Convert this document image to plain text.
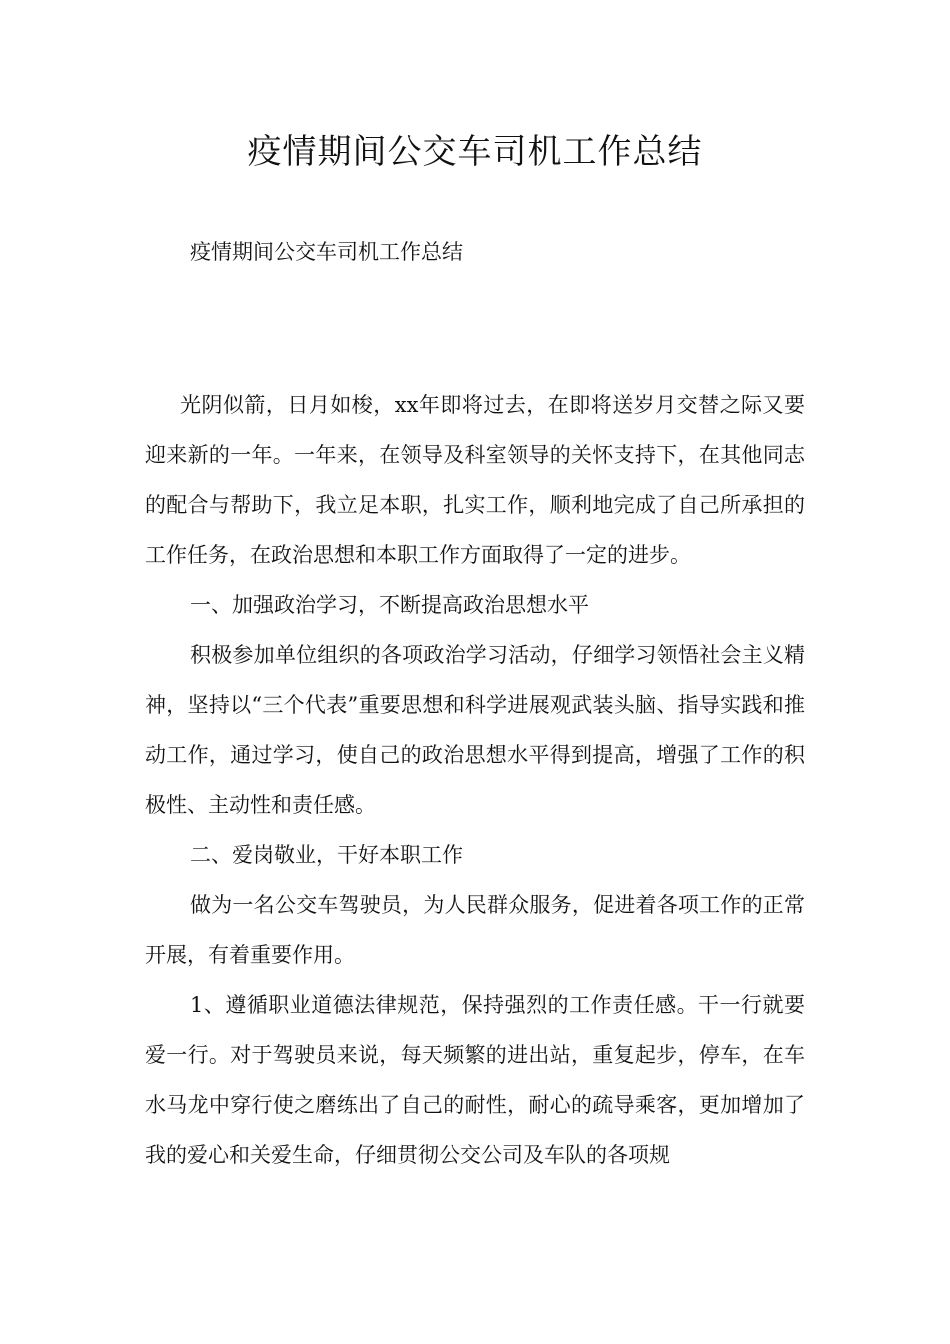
疫情期间公交车司机工作总结

疫情期间公交车司机工作总结

光阴似箭，日月如梭，xx年即将过去，在即将送岁月交替之际又要迎来新的一年。一年来，在领导及科室领导的关怀支持下，在其他同志的配合与帮助下，我立足本职，扎实工作，顺利地完成了自己所承担的工作任务，在政治思想和本职工作方面取得了一定的进步。

一、加强政治学习，不断提高政治思想水平

积极参加单位组织的各项政治学习活动，仔细学习领悟社会主义精神，坚持以“三个代表”重要思想和科学进展观武装头脑、指导实践和推动工作，通过学习，使自己的政治思想水平得到提高，增强了工作的积极性、主动性和责任感。

二、爱岗敬业，干好本职工作

做为一名公交车驾驶员，为人民群众服务，促进着各项工作的正常开展，有着重要作用。

1、遵循职业道德法律规范，保持强烈的工作责任感。干一行就要爱一行。对于驾驶员来说，每天频繁的进出站，重复起步，停车，在车水马龙中穿行使之磨练出了自己的耐性，耐心的疏导乘客，更加增加了我的爱心和关爱生命，仔细贯彻公交公司及车队的各项规
